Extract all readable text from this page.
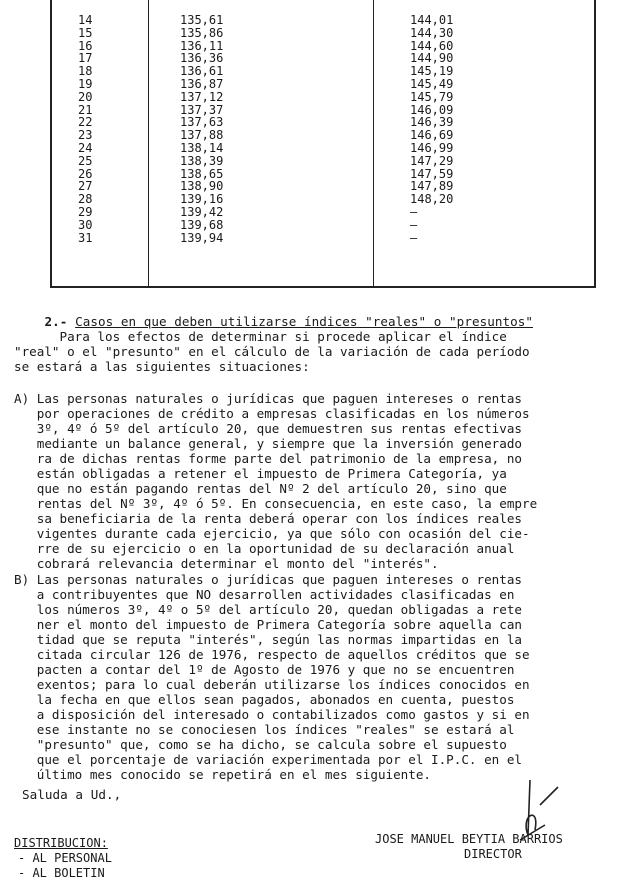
14	135,61	144,01
15	135,86	144,30
16	136,11	144,60
17	136,36	144,90
18	136,61	145,19
19	136,87	145,49
20	137,12	145,79
21	137,37	146,09
22	137,63	146,39
23	137,88	146,69
24	138,14	146,99
25	138,39	147,29
26	138,65	147,59
27	138,90	147,89
28	139,16	148,20
29	139,42	—
30	139,68	—
31	139,94	—

2.- Casos en que deben utilizarse índices "reales" o "presuntos"

Para los efectos de determinar si procede aplicar el índice
"real" o el "presunto" en el cálculo de la variación de cada período
se estará a las siguientes situaciones:
A) Las personas naturales o jurídicas que paguen intereses o rentas
por operaciones de crédito a empresas clasificadas en los números
3º, 4º ó 5º del artículo 20, que demuestren sus rentas efectivas
mediante un balance general, y siempre que la inversión generado
ra de dichas rentas forme parte del patrimonio de la empresa, no
están obligadas a retener el impuesto de Primera Categoría, ya
que no están pagando rentas del Nº 2 del artículo 20, sino que
rentas del Nº 3º, 4º ó 5º. En consecuencia, en este caso, la empre
sa beneficiaria de la renta deberá operar con los índices reales
vigentes durante cada ejercicio, ya que sólo con ocasión del cie-
rre de su ejercicio o en la oportunidad de su declaración anual
cobrará relevancia determinar el monto del "interés".
B) Las personas naturales o jurídicas que paguen intereses o rentas
a contribuyentes que NO desarrollen actividades clasificadas en
los números 3º, 4º o 5º del artículo 20, quedan obligadas a rete
ner el monto del impuesto de Primera Categoría sobre aquella can
tidad que se reputa "interés", según las normas impartidas en la
citada circular 126 de 1976, respecto de aquellos créditos que se
pacten a contar del 1º de Agosto de 1976 y que no se encuentren
exentos; para lo cual deberán utilizarse los índices conocidos en
la fecha en que ellos sean pagados, abonados en cuenta, puestos
a disposición del interesado o contabilizados como gastos y si en
ese instante no se conociesen los índices "reales" se estará al
"presunto" que, como se ha dicho, se calcula sobre el supuesto
que el porcentaje de variación experimentada por el I.P.C. en el
último mes conocido se repetirá en el mes siguiente.
Saluda a Ud.,
JOSE MANUEL BEYTIA BARRIOS
DIRECTOR
DISTRIBUCION:
- AL PERSONAL
- AL BOLETIN
